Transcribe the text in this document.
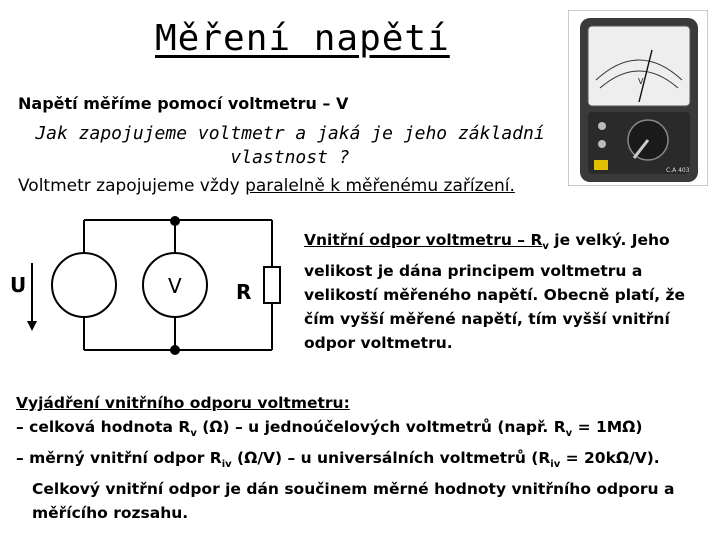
Měření napětí
Napětí měříme pomocí voltmetru – V
Jak zapojujeme voltmetr a jaká je jeho základní vlastnost ?
Voltmetr zapojujeme vždy paralelně k měřenému zařízení.
V
C.A 403
U	V	R
Vnitřní odpor voltmetru – $R_v$ je velký. Jeho velikost je dána principem voltmetru a velikostí měřeného napětí. Obecně platí, že čím vyšší měřené napětí, tím vyšší vnitřní odpor voltmetru.
Vyjádření vnitřního odporu voltmetru:
– celková hodnota $R_v$ (Ω) – u jednoúčelových voltmetrů (např. $R_v = 1M\Omega$)
– měrný vnitřní odpor $R_{iv}$ (Ω/V) – u universálních voltmetrů $(R_{iv} = 20k\Omega/V)$.
Celkový vnitřní odpor je dán součinem měrné hodnoty vnitřního odporu a měřícího rozsahu.
